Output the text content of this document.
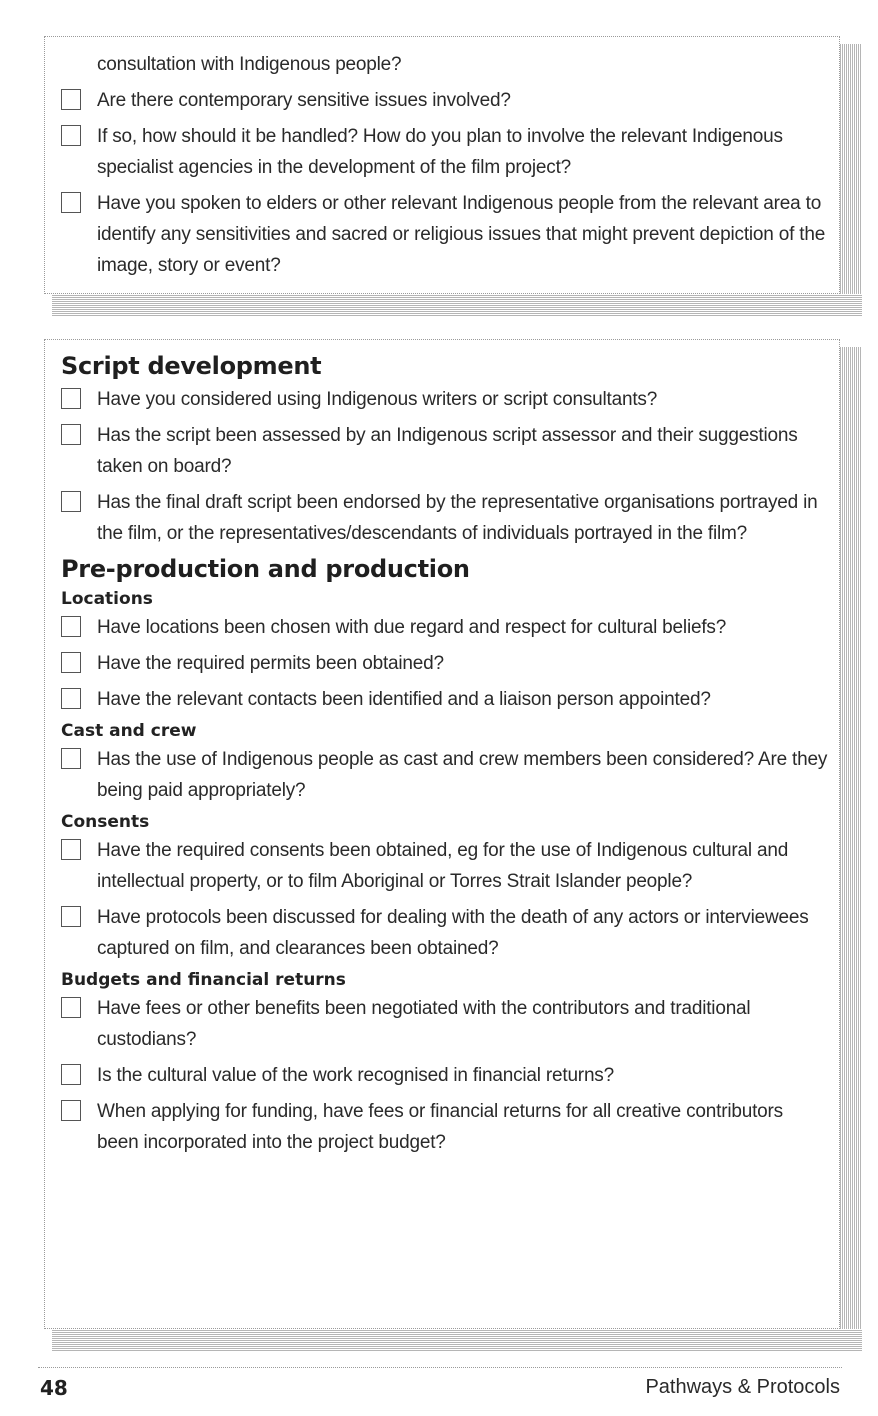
consultation with Indigenous people?
Are there contemporary sensitive issues involved?
If so, how should it be handled? How do you plan to involve the relevant Indigenous specialist agencies in the development of the film project?
Have you spoken to elders or other relevant Indigenous people from the relevant area to identify any sensitivities and sacred or religious issues that might prevent depiction of the image, story or event?
Script development
Have you considered using Indigenous writers or script consultants?
Has the script been assessed by an Indigenous script assessor and their suggestions taken on board?
Has the final draft script been endorsed by the representative organisations portrayed in the film, or the representatives/descendants of individuals portrayed in the film?
Pre-production and production
Locations
Have locations been chosen with due regard and respect for cultural beliefs?
Have the required permits been obtained?
Have the relevant contacts been identified and a liaison person appointed?
Cast and crew
Has the use of Indigenous people as cast and crew members been considered? Are they being paid appropriately?
Consents
Have the required consents been obtained, eg for the use of Indigenous cultural and intellectual property, or to film Aboriginal or Torres Strait Islander people?
Have protocols been discussed for dealing with the death of any actors or interviewees captured on film, and clearances been obtained?
Budgets and financial returns
Have fees or other benefits been negotiated with the contributors and traditional custodians?
Is the cultural value of the work recognised in financial returns?
When applying for funding, have fees or financial returns for all creative contributors been incorporated into the project budget?
48	Pathways & Protocols
